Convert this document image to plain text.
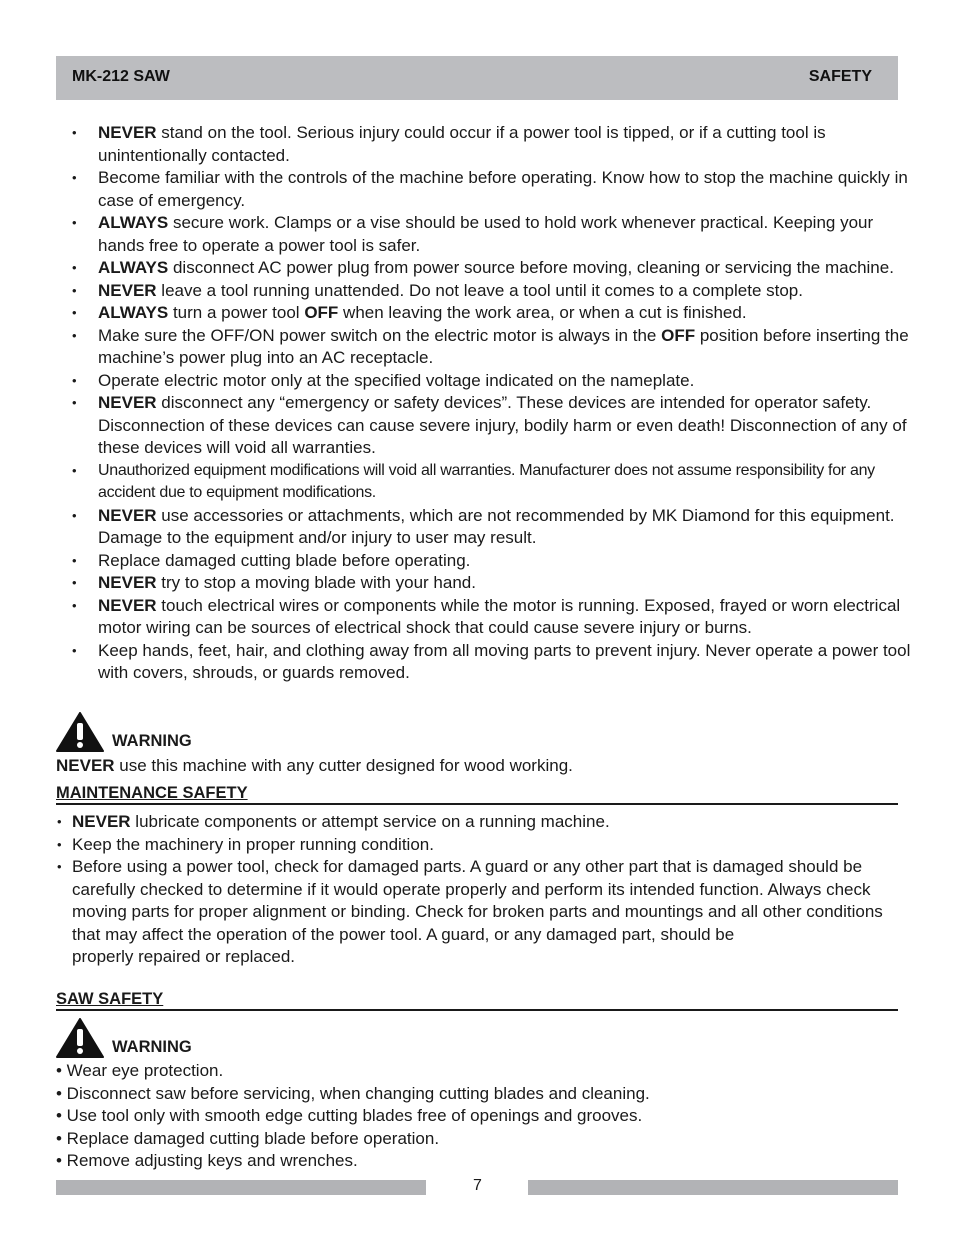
MK-212 SAW	SAFETY
• NEVER stand on the tool. Serious injury could occur if a power tool is tipped, or if a cutting tool is unintentionally contacted.
• Become familiar with the controls of the machine before operating. Know how to stop the machine quickly in case of emergency.
• ALWAYS secure work. Clamps or a vise should be used to hold work whenever practical. Keeping your hands free to operate a power tool is safer.
• ALWAYS disconnect AC power plug from power source before moving, cleaning or servicing the machine.
• NEVER leave a tool running unattended. Do not leave a tool until it comes to a complete stop.
• ALWAYS turn a power tool OFF when leaving the work area, or when a cut is finished.
• Make sure the OFF/ON power switch on the electric motor is always in the OFF position before inserting the machine’s power plug into an AC receptacle.
• Operate electric motor only at the specified voltage indicated on the nameplate.
• NEVER disconnect any “emergency or safety devices”. These devices are intended for operator safety. Disconnection of these devices can cause severe injury, bodily harm or even death! Disconnection of any of these devices will void all warranties.
• Unauthorized equipment modifications will void all warranties. Manufacturer does not assume responsibility for any accident due to equipment modifications.
• NEVER use accessories or attachments, which are not recommended by MK Diamond for this equipment. Damage to the equipment and/or injury to user may result.
• Replace damaged cutting blade before operating.
• NEVER try to stop a moving blade with your hand.
• NEVER touch electrical wires or components while the motor is running. Exposed, frayed or worn electrical motor wiring can be sources of electrical shock that could cause severe injury or burns.
• Keep hands, feet, hair, and clothing away from all moving parts to prevent injury. Never operate a power tool with covers, shrouds, or guards removed.
WARNING
NEVER use this machine with any cutter designed for wood working.
MAINTENANCE SAFETY
• NEVER lubricate components or attempt service on a running machine.
• Keep the machinery in proper running condition.
• Before using a power tool, check for damaged parts. A guard or any other part that is damaged should be carefully checked to determine if it would operate properly and perform its intended function. Always check moving parts for proper alignment or binding. Check for broken parts and mountings and all other conditions that may affect the operation of the power tool. A guard, or any damaged part, should be
properly repaired or replaced.
SAW SAFETY
WARNING
• Wear eye protection.
• Disconnect saw before servicing, when changing cutting blades and cleaning.
• Use tool only with smooth edge cutting blades free of openings and grooves.
• Replace damaged cutting blade before operation.
• Remove adjusting keys and wrenches.
7
